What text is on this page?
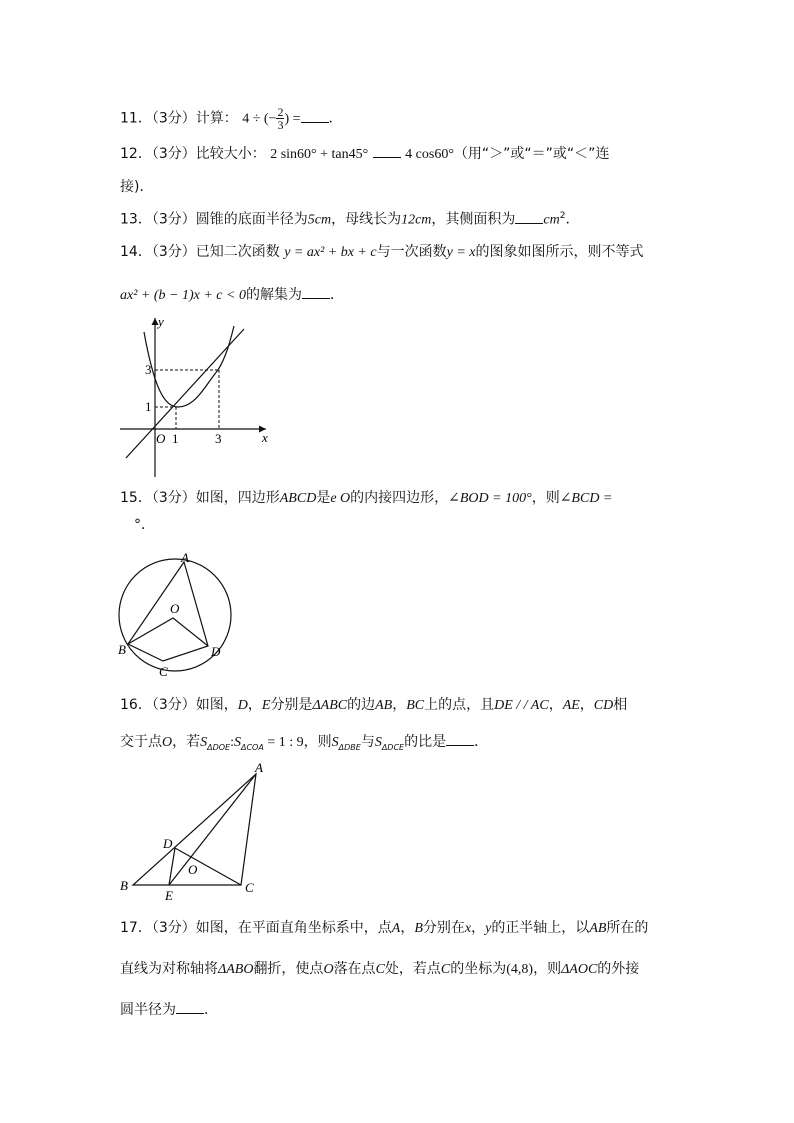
11．（3分）计算： 4 ÷ (− $\frac{2}{3}$ ) = ．
12．（3分）比较大小： 2 sin60° + tan45°	4 cos60°（用“＞”或“＝”或“＜”连
接)．
13．（3分）圆锥的底面半径为5cm，母线长为12cm，其侧面积为 $cm^2$．
14．（3分）已知二次函数 y = ax² + bx + c与一次函数y = x的图象如图所示，则不等式
ax² + (b − 1)x + c < 0的解集为 ．
y
x
O 1	3
1
3
15．（3分）如图，四边形ABCD是e O的内接四边形，∠BOD = 100°，则∠BCD =
°．
A
B
C
D
O
16．（3分）如图，D，E分别是ΔABC的边AB，BC上的点，且DE / / AC，AE，CD相
交于点O，若$S_{\Delta DOE}:S_{\Delta COA} = 1$ : 9，则$S_{\Delta DBE}$与$S_{\Delta DCE}$的比是 ．
A
B	C
D
E
O
17．（3分）如图，在平面直角坐标系中，点A，B分别在x，y的正半轴上，以AB所在的
直线为对称轴将ΔABO翻折，使点O落在点C处，若点C的坐标为(4,8)，则ΔAOC的外接
圆半径为 ．
